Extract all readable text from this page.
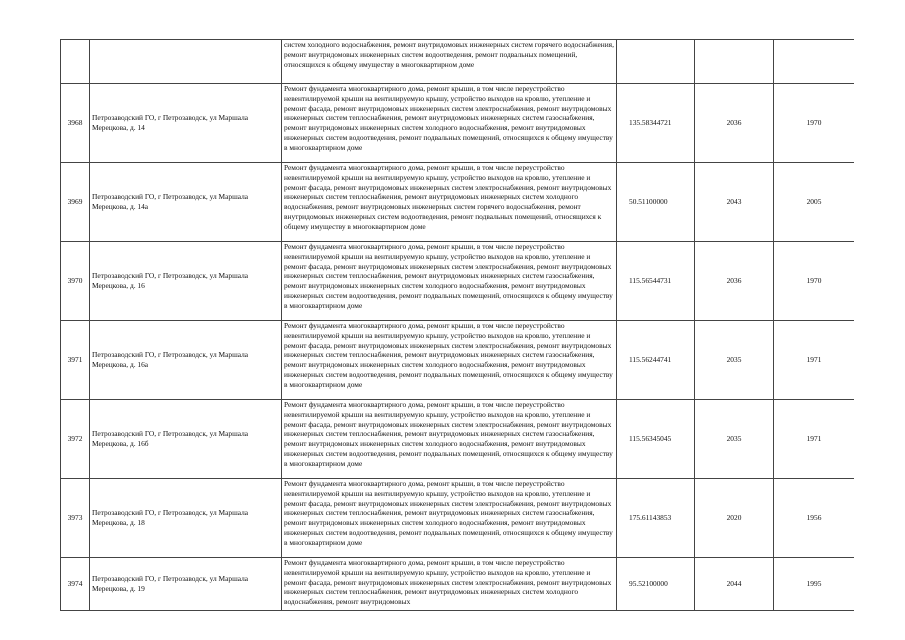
		систем холодного водоснабжения, ремонт внутридомовых инженерных систем горячего водоснабжения, ремонт внутридомовых инженерных систем водоотведения, ремонт подвальных помещений, относящихся к общему имуществу в многоквартирном доме			
3968	Петрозаводский ГО, г Петрозаводск, ул Маршала Мерецкова, д. 14	Ремонт фундамента многоквартирного дома, ремонт крыши, в том числе переустройство невентилируемой крыши на вентилируемую крышу, устройство выходов на кровлю, утепление и ремонт фасада, ремонт внутридомовых инженерных систем электроснабжения, ремонт внутридомовых инженерных систем теплоснабжения, ремонт внутридомовых инженерных систем газоснабжения, ремонт внутридомовых инженерных систем холодного водоснабжения, ремонт внутридомовых инженерных систем водоотведения, ремонт подвальных помещений, относящихся к общему имуществу в многоквартирном доме	135.58344721	2036	1970
3969	Петрозаводский ГО, г Петрозаводск, ул Маршала Мерецкова, д. 14а	Ремонт фундамента многоквартирного дома, ремонт крыши, в том числе переустройство невентилируемой крыши на вентилируемую крышу, устройство выходов на кровлю, утепление и ремонт фасада, ремонт внутридомовых инженерных систем электроснабжения, ремонт внутридомовых инженерных систем теплоснабжения, ремонт внутридомовых инженерных систем холодного водоснабжения, ремонт внутридомовых инженерных систем горячего водоснабжения, ремонт внутридомовых инженерных систем водоотведения, ремонт подвальных помещений, относящихся к общему имуществу в многоквартирном доме	50.51100000	2043	2005
3970	Петрозаводский ГО, г Петрозаводск, ул Маршала Мерецкова, д. 16	Ремонт фундамента многоквартирного дома, ремонт крыши, в том числе переустройство невентилируемой крыши на вентилируемую крышу, устройство выходов на кровлю, утепление и ремонт фасада, ремонт внутридомовых инженерных систем электроснабжения, ремонт внутридомовых инженерных систем теплоснабжения, ремонт внутридомовых инженерных систем газоснабжения, ремонт внутридомовых инженерных систем холодного водоснабжения, ремонт внутридомовых инженерных систем водоотведения, ремонт подвальных помещений, относящихся к общему имуществу в многоквартирном доме	115.56544731	2036	1970
3971	Петрозаводский ГО, г Петрозаводск, ул Маршала Мерецкова, д. 16а	Ремонт фундамента многоквартирного дома, ремонт крыши, в том числе переустройство невентилируемой крыши на вентилируемую крышу, устройство выходов на кровлю, утепление и ремонт фасада, ремонт внутридомовых инженерных систем электроснабжения, ремонт внутридомовых инженерных систем теплоснабжения, ремонт внутридомовых инженерных систем газоснабжения, ремонт внутридомовых инженерных систем холодного водоснабжения, ремонт внутридомовых инженерных систем водоотведения, ремонт подвальных помещений, относящихся к общему имуществу в многоквартирном доме	115.56244741	2035	1971
3972	Петрозаводский ГО, г Петрозаводск, ул Маршала Мерецкова, д. 16б	Ремонт фундамента многоквартирного дома, ремонт крыши, в том числе переустройство невентилируемой крыши на вентилируемую крышу, устройство выходов на кровлю, утепление и ремонт фасада, ремонт внутридомовых инженерных систем электроснабжения, ремонт внутридомовых инженерных систем теплоснабжения, ремонт внутридомовых инженерных систем газоснабжения, ремонт внутридомовых инженерных систем холодного водоснабжения, ремонт внутридомовых инженерных систем водоотведения, ремонт подвальных помещений, относящихся к общему имуществу в многоквартирном доме	115.56345045	2035	1971
3973	Петрозаводский ГО, г Петрозаводск, ул Маршала Мерецкова, д. 18	Ремонт фундамента многоквартирного дома, ремонт крыши, в том числе переустройство невентилируемой крыши на вентилируемую крышу, устройство выходов на кровлю, утепление и ремонт фасада, ремонт внутридомовых инженерных систем электроснабжения, ремонт внутридомовых инженерных систем теплоснабжения, ремонт внутридомовых инженерных систем газоснабжения, ремонт внутридомовых инженерных систем холодного водоснабжения, ремонт внутридомовых инженерных систем водоотведения, ремонт подвальных помещений, относящихся к общему имуществу в многоквартирном доме	175.61143853	2020	1956
3974	Петрозаводский ГО, г Петрозаводск, ул Маршала Мерецкова, д. 19	Ремонт фундамента многоквартирного дома, ремонт крыши, в том числе переустройство невентилируемой крыши на вентилируемую крышу, устройство выходов на кровлю, утепление и ремонт фасада, ремонт внутридомовых инженерных систем электроснабжения, ремонт внутридомовых инженерных систем теплоснабжения, ремонт внутридомовых инженерных систем холодного водоснабжения, ремонт внутридомовых	95.52100000	2044	1995
